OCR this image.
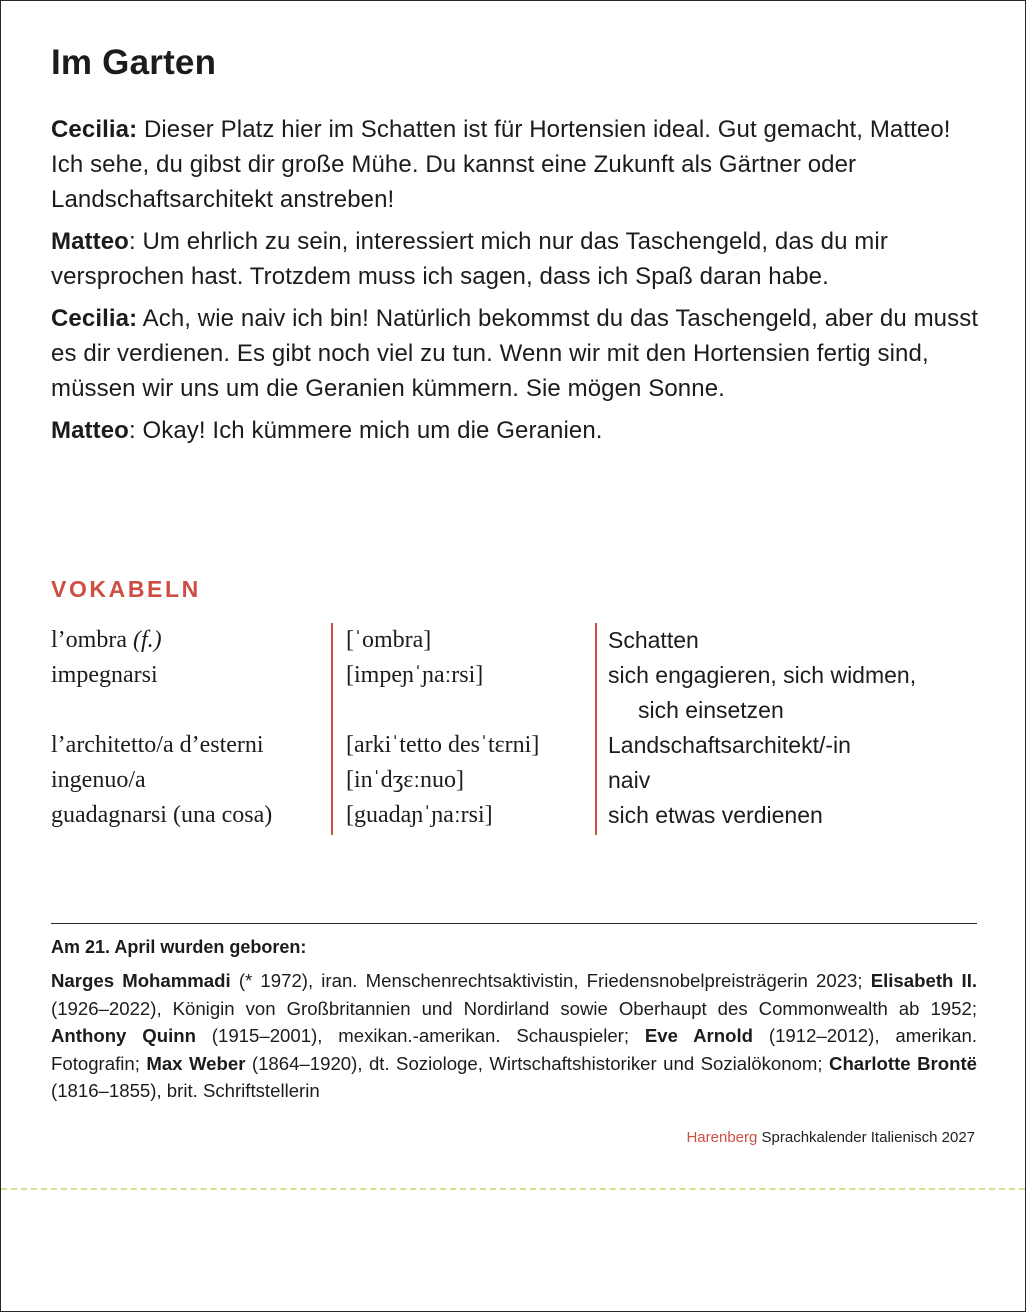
Im Garten

Cecilia: Dieser Platz hier im Schatten ist für Hortensien ideal. Gut gemacht, Matteo! Ich sehe, du gibst dir große Mühe. Du kannst eine Zukunft als Gärtner oder Landschaftsarchitekt anstreben!

Matteo: Um ehrlich zu sein, interessiert mich nur das Taschengeld, das du mir versprochen hast. Trotzdem muss ich sagen, dass ich Spaß daran habe.

Cecilia: Ach, wie naiv ich bin! Natürlich bekommst du das Taschengeld, aber du musst es dir verdienen. Es gibt noch viel zu tun. Wenn wir mit den Hortensien fertig sind, müssen wir uns um die Geranien kümmern. Sie mögen Sonne.

Matteo: Okay! Ich kümmere mich um die Geranien.

VOKABELN
l’ombra (f.)	[ˈombra]	Schatten
impegnarsi	[impeɲˈɲaːrsi]	sich engagieren, sich widmen,
sich einsetzen
l’architetto/a d’esterni	[arkiˈtetto desˈtɛrni]	Landschaftsarchitekt/-in
ingenuo/a	[inˈdʒɛːnuo]	naiv
guadagnarsi (una cosa)	[guadaɲˈɲaːrsi]	sich etwas verdienen
Am 21. April wurden geboren:

Narges Mohammadi (* 1972), iran. Menschenrechtsaktivistin, Friedensnobelpreisträgerin 2023; Elisabeth II. (1926–2022), Königin von Großbritannien und Nordirland sowie Oberhaupt des Commonwealth ab 1952; Anthony Quinn (1915–2001), mexikan.-amerikan. Schauspieler; Eve Arnold (1912–2012), amerikan. Fotografin; Max Weber (1864–1920), dt. Soziologe, Wirtschaftshistoriker und Sozialökonom; Charlotte Brontë (1816–1855), brit. Schriftstellerin

Harenberg Sprachkalender Italienisch 2027
